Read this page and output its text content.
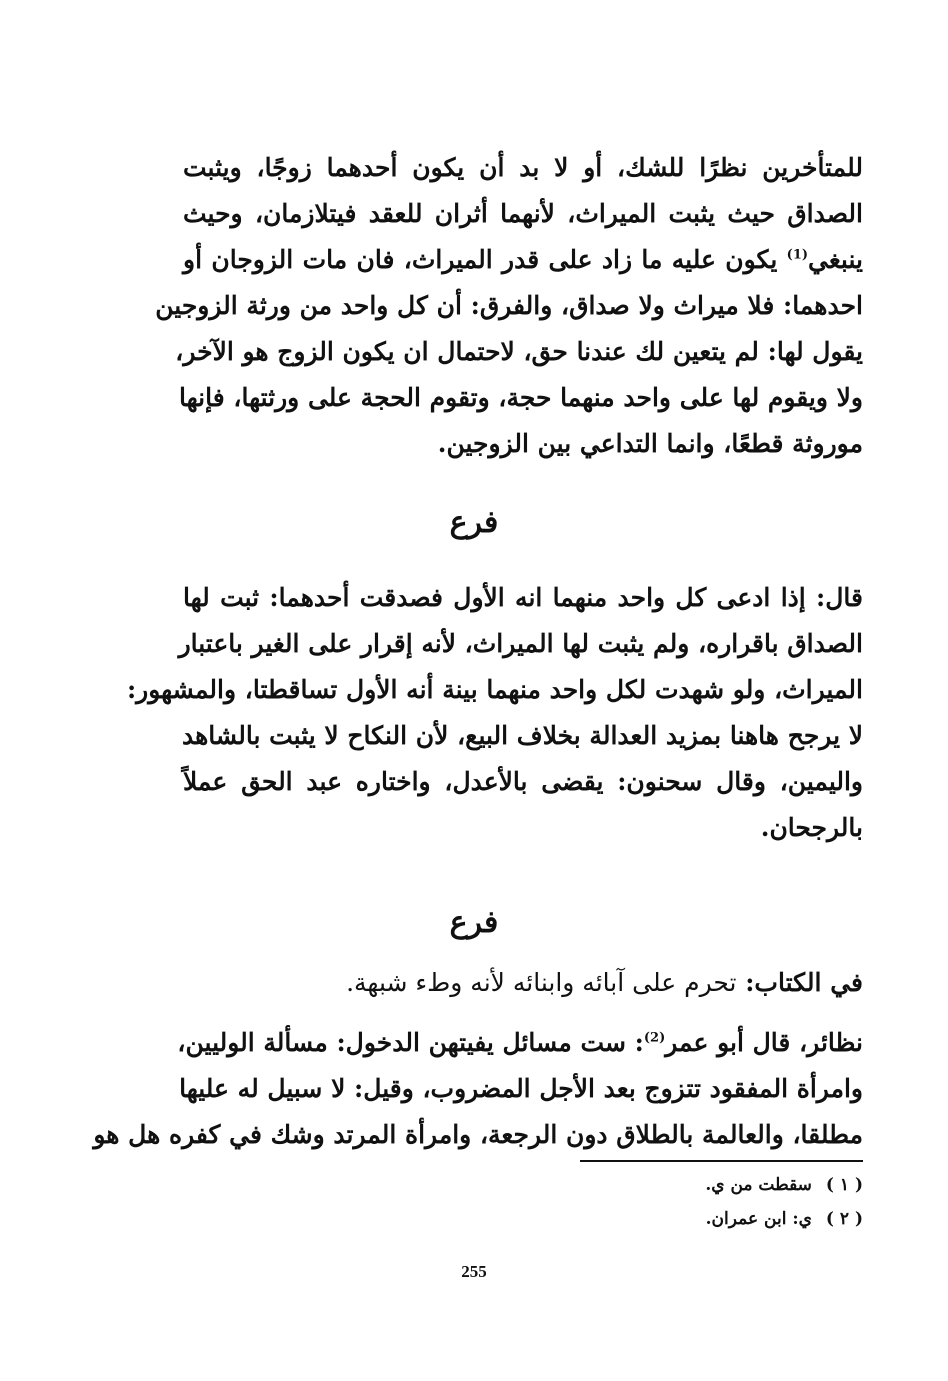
للمتأخرين نظرًا للشك، أو لا بد أن يكون أحدهما زوجًا، ويثبت
الصداق حيث يثبت الميراث، لأنهما أثران للعقد فيتلازمان، وحيث
ينبغي$^{(1)}$ يكون عليه ما زاد على قدر الميراث، فان مات الزوجان أو
احدهما: فلا ميراث ولا صداق، والفرق: أن كل واحد من ورثة الزوجين
يقول لها: لم يتعين لك عندنا حق، لاحتمال ان يكون الزوج هو الآخر،
ولا ويقوم لها على واحد منهما حجة، وتقوم الحجة على ورثتها، فإنها
موروثة قطعًا، وانما التداعي بين الزوجين.
فرع
قال: إذا ادعى كل واحد منهما انه الأول فصدقت أحدهما: ثبت لها
الصداق باقراره، ولم يثبت لها الميراث، لأنه إقرار على الغير باعتبار
الميراث، ولو شهدت لكل واحد منهما بينة أنه الأول تساقطتا، والمشهور:
لا يرجح هاهنا بمزيد العدالة بخلاف البيع، لأن النكاح لا يثبت بالشاهد
واليمين، وقال سحنون: يقضى بالأعدل، واختاره عبد الحق عملاً
بالرجحان.
فرع
في الكتاب: تحرم على آبائه وابنائه لأنه وطء شبهة.
نظائر، قال أبو عمر$^{(2)}$: ست مسائل يفيتهن الدخول: مسألة الوليين،
وامرأة المفقود تتزوج بعد الأجل المضروب، وقيل: لا سبيل له عليها
مطلقا، والعالمة بالطلاق دون الرجعة، وامرأة المرتد وشك في كفره هل هو
( ١ )سقطت من ي.
( ٢ )ي: ابن عمران.
255
